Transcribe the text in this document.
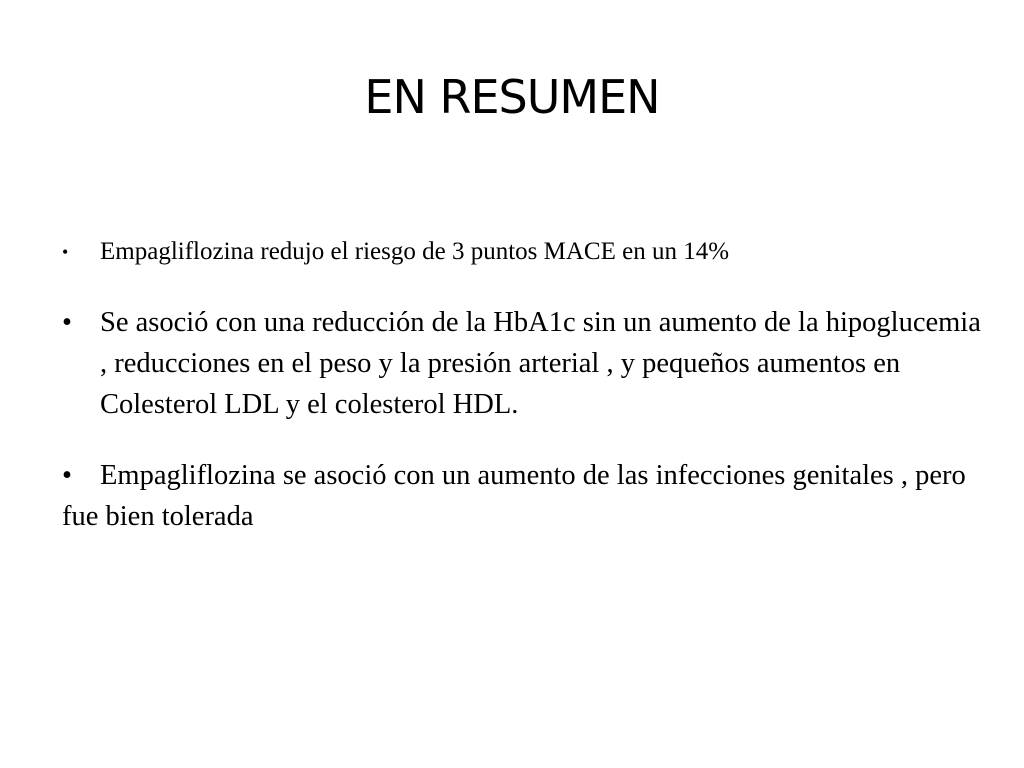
EN RESUMEN
• Empagliflozina redujo el riesgo de 3 puntos MACE en un 14%
• Se asoció con una reducción de la HbA1c sin un aumento de la hipoglucemia , reducciones en el peso y la presión arterial , y pequeños aumentos en Colesterol LDL y el colesterol HDL.
• Empagliflozina se asoció con un aumento de las infecciones genitales , pero fue bien tolerada
